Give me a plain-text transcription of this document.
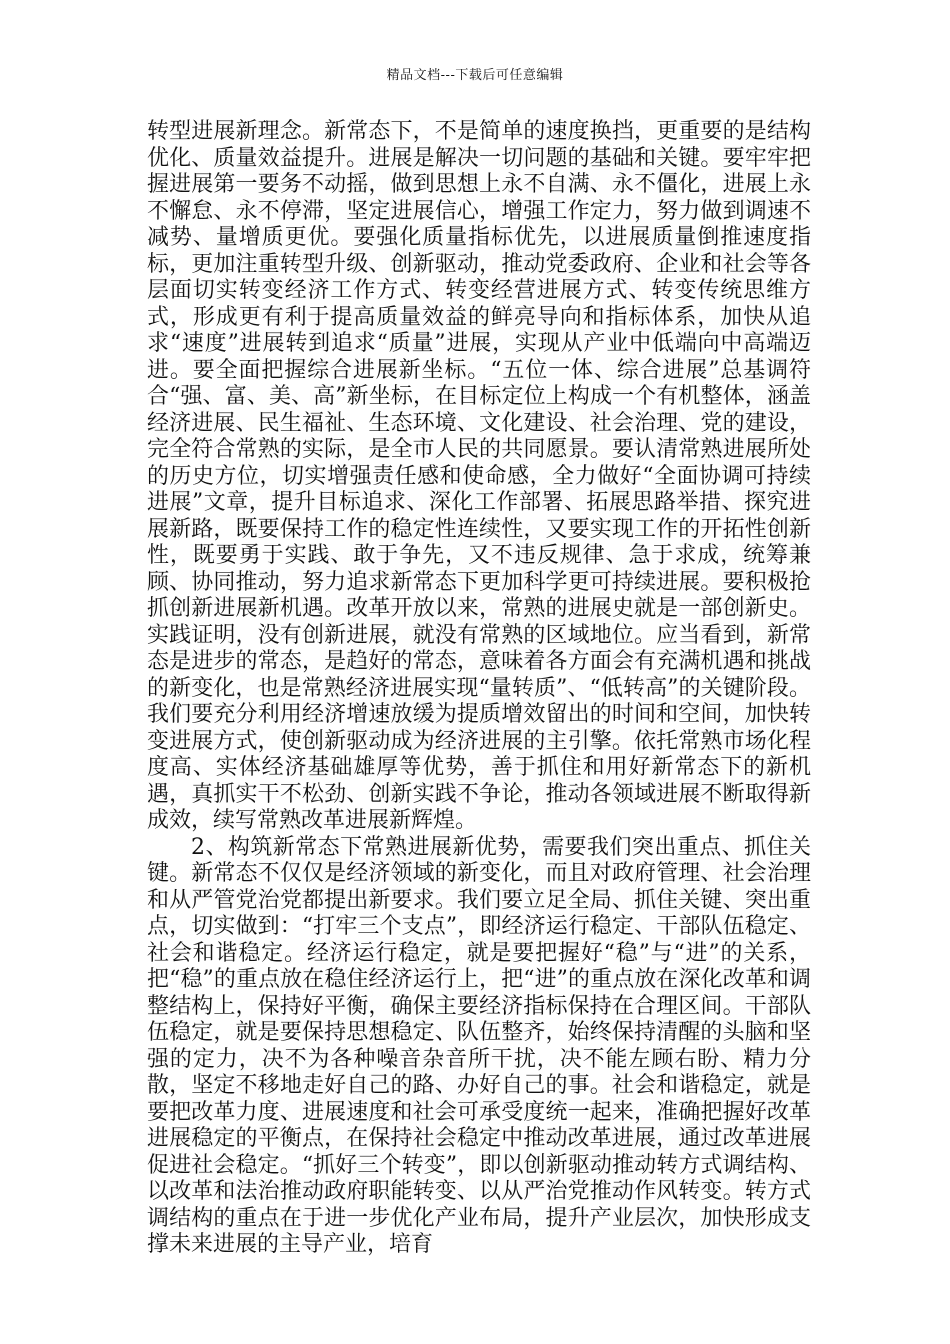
精品文档---下载后可任意编辑

转型进展新理念。新常态下，不是简单的速度换挡，更重要的是结构优化、质量效益提升。进展是解决一切问题的基础和关键。要牢牢把握进展第一要务不动摇，做到思想上永不自满、永不僵化，进展上永不懈怠、永不停滞，坚定进展信心，增强工作定力，努力做到调速不减势、量增质更优。要强化质量指标优先，以进展质量倒推速度指标，更加注重转型升级、创新驱动，推动党委政府、企业和社会等各层面切实转变经济工作方式、转变经营进展方式、转变传统思维方式，形成更有利于提高质量效益的鲜亮导向和指标体系，加快从追求“速度”进展转到追求“质量”进展，实现从产业中低端向中高端迈进。要全面把握综合进展新坐标。“五位一体、综合进展”总基调符合“强、富、美、高”新坐标，在目标定位上构成一个有机整体，涵盖经济进展、民生福祉、生态环境、文化建设、社会治理、党的建设，完全符合常熟的实际，是全市人民的共同愿景。要认清常熟进展所处的历史方位，切实增强责任感和使命感，全力做好“全面协调可持续进展”文章，提升目标追求、深化工作部署、拓展思路举措、探究进展新路，既要保持工作的稳定性连续性，又要实现工作的开拓性创新性，既要勇于实践、敢于争先，又不违反规律、急于求成，统筹兼顾、协同推动，努力追求新常态下更加科学更可持续进展。要积极抢抓创新进展新机遇。改革开放以来，常熟的进展史就是一部创新史。实践证明，没有创新进展，就没有常熟的区域地位。应当看到，新常态是进步的常态，是趋好的常态，意味着各方面会有充满机遇和挑战的新变化，也是常熟经济进展实现“量转质”、“低转高”的关键阶段。我们要充分利用经济增速放缓为提质增效留出的时间和空间，加快转变进展方式，使创新驱动成为经济进展的主引擎。依托常熟市场化程度高、实体经济基础雄厚等优势，善于抓住和用好新常态下的新机遇，真抓实干不松劲、创新实践不争论，推动各领域进展不断取得新成效，续写常熟改革进展新辉煌。

2、构筑新常态下常熟进展新优势，需要我们突出重点、抓住关键。新常态不仅仅是经济领域的新变化，而且对政府管理、社会治理和从严管党治党都提出新要求。我们要立足全局、抓住关键、突出重点，切实做到：“打牢三个支点”，即经济运行稳定、干部队伍稳定、社会和谐稳定。经济运行稳定，就是要把握好“稳”与“进”的关系，把“稳”的重点放在稳住经济运行上，把“进”的重点放在深化改革和调整结构上，保持好平衡，确保主要经济指标保持在合理区间。干部队伍稳定，就是要保持思想稳定、队伍整齐，始终保持清醒的头脑和坚强的定力，决不为各种噪音杂音所干扰，决不能左顾右盼、精力分散，坚定不移地走好自己的路、办好自己的事。社会和谐稳定，就是要把改革力度、进展速度和社会可承受度统一起来，准确把握好改革进展稳定的平衡点，在保持社会稳定中推动改革进展，通过改革进展促进社会稳定。“抓好三个转变”，即以创新驱动推动转方式调结构、以改革和法治推动政府职能转变、以从严治党推动作风转变。转方式调结构的重点在于进一步优化产业布局，提升产业层次，加快形成支撑未来进展的主导产业，培育
